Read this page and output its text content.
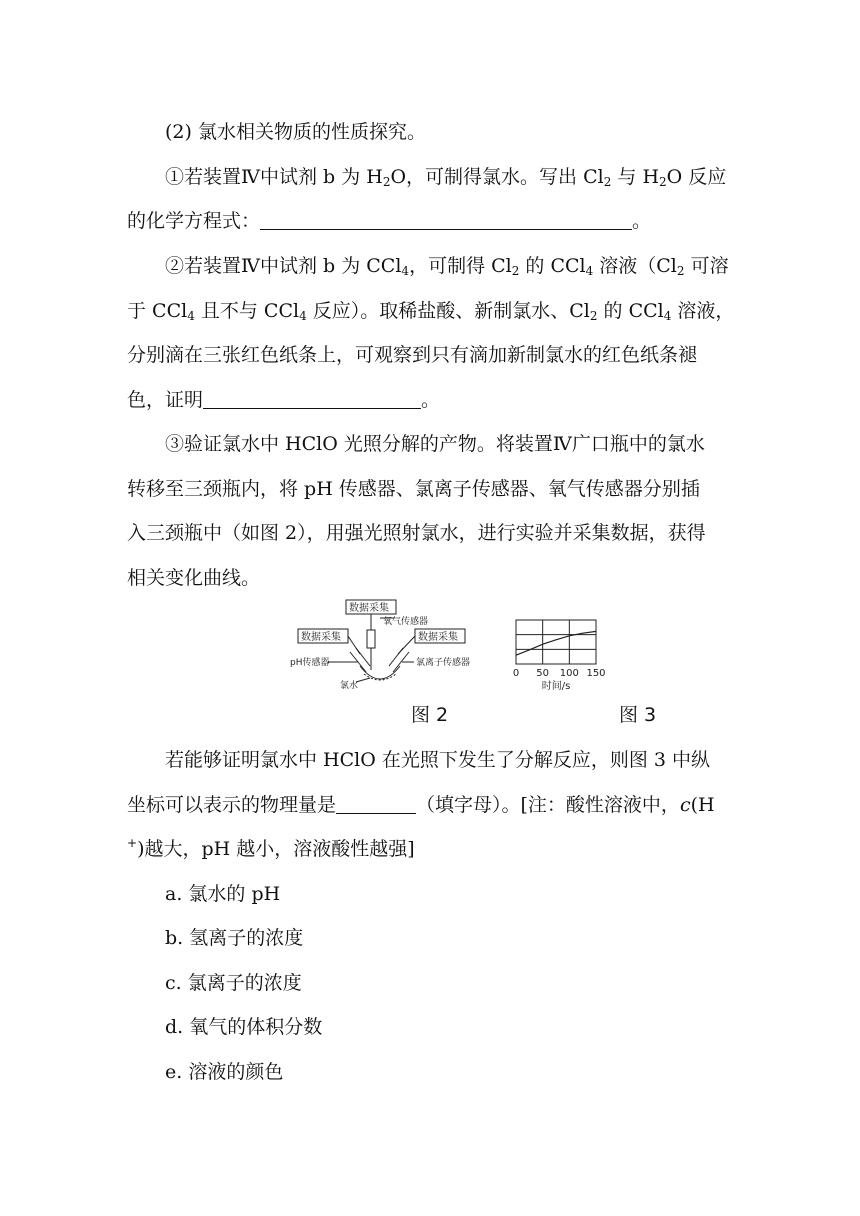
(2) 氯水相关物质的性质探究。
①若装置Ⅳ中试剂 b 为 $H_2O$，可制得氯水。写出 $Cl_2$ 与 $H_2O$ 反应
的化学方程式：	。
②若装置Ⅳ中试剂 b 为 CCl$_4$，可制得 $Cl_2$ 的 CCl$_4$ 溶液（$Cl_2$ 可溶
于 CCl$_4$ 且不与 CCl$_4$ 反应）。取稀盐酸、新制氯水、$Cl_2$ 的 CCl$_4$ 溶液，
分别滴在三张红色纸条上，可观察到只有滴加新制氯水的红色纸条褪
色，证明	。
③验证氯水中 HClO 光照分解的产物。将装置Ⅳ广口瓶中的氯水
转移至三颈瓶内，将 pH 传感器、氯离子传感器、氧气传感器分别插
入三颈瓶中（如图 2），用强光照射氯水，进行实验并采集数据，获得
相关变化曲线。
数据采集
数据采集	数据采集
氧气传感器
pH传感器	氯离子传感器
氯水
0 50 100 150
时间/s
图 2	图 3
若能够证明氯水中 HClO 在光照下发生了分解反应，则图 3 中纵
坐标可以表示的物理量是	（填字母）。[注：酸性溶液中，c(H
+)越大，pH 越小，溶液酸性越强]
a. 氯水的 pH
b. 氢离子的浓度
c. 氯离子的浓度
d. 氧气的体积分数
e. 溶液的颜色
